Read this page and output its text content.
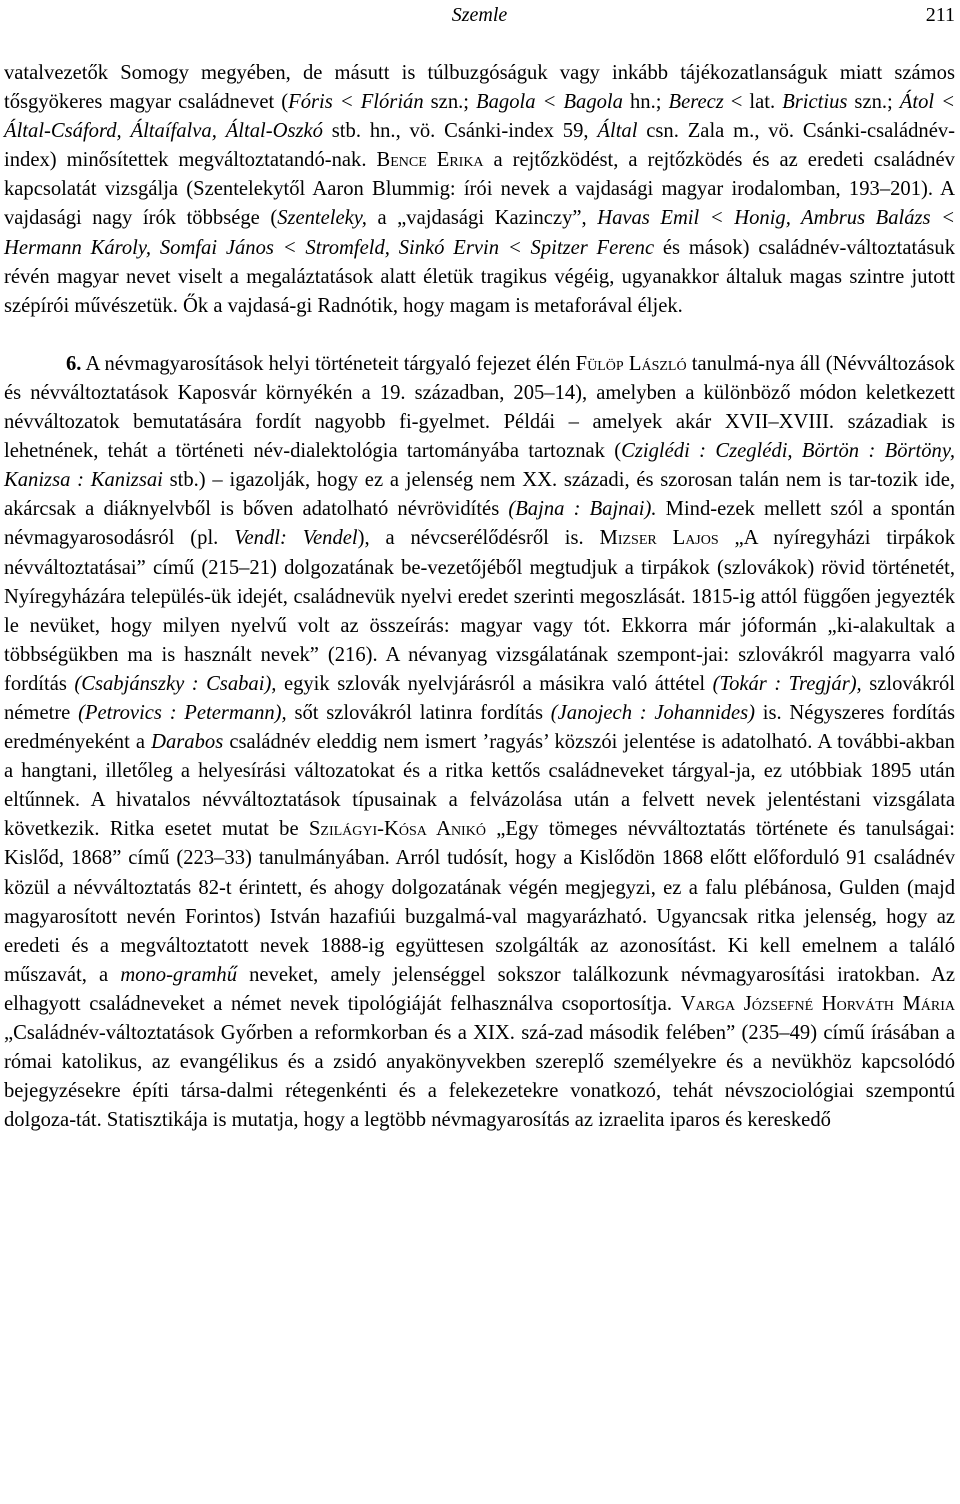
Szemle	211

vatalvezetők Somogy megyében, de másutt is túlbuzgóságuk vagy inkább tájékozatlanságuk miatt számos tősgyökeres magyar családnevet (Fóris < Flórián szn.; Bagola < Bagola hn.; Berecz < lat. Brictius szn.; Átol < Által-Csáford, Áltaífalva, Által-Oszkó stb. hn., vö. Csánki-index 59, Által csn. Zala m., vö. Csánki-családnév-index) minősítettek megváltoztatandó-nak. Bence Erika a rejtőzködést, a rejtőzködés és az eredeti családnév kapcsolatát vizsgálja (Szentelekytől Aaron Blummig: írói nevek a vajdasági magyar irodalomban, 193–201). A vajdasági nagy írók többsége (Szenteleky, a „vajdasági Kazinczy”, Havas Emil < Honig, Ambrus Balázs < Hermann Károly, Somfai János < Stromfeld, Sinkó Ervin < Spitzer Ferenc és mások) családnév-változtatásuk révén magyar nevet viselt a megaláztatások alatt életük tragikus végéig, ugyanakkor általuk magas szintre jutott szépírói művészetük. Ők a vajdasá-gi Radnótik, hogy magam is metaforával éljek.

6. A névmagyarosítások helyi történeteit tárgyaló fejezet élén Fülöp László tanulmá-nya áll (Névváltozások és névváltoztatások Kaposvár környékén a 19. században, 205–14), amelyben a különböző módon keletkezett névváltozatok bemutatására fordít nagyobb fi-gyelmet. Példái – amelyek akár XVII–XVIII. századiak is lehetnének, tehát a történeti név-dialektológia tartományába tartoznak (Cziglédi : Czeglédi, Börtön : Börtöny, Kanizsa : Kanizsai stb.) – igazolják, hogy ez a jelenség nem XX. századi, és szorosan talán nem is tar-tozik ide, akárcsak a diáknyelvből is bőven adatolható névrövidítés (Bajna : Bajnai). Mind-ezek mellett szól a spontán névmagyarosodásról (pl. Vendl: Vendel), a névcserélődésről is. Mizser Lajos „A nyíregyházi tirpákok névváltoztatásai” című (215–21) dolgozatának be-vezetőjéből megtudjuk a tirpákok (szlovákok) rövid történetét, Nyíregyházára település-ük idejét, családnevük nyelvi eredet szerinti megoszlását. 1815-ig attól függően jegyezték le nevüket, hogy milyen nyelvű volt az összeírás: magyar vagy tót. Ekkorra már jóformán „ki-alakultak a többségükben ma is használt nevek” (216). A névanyag vizsgálatának szempont-jai: szlovákról magyarra való fordítás (Csabjánszky : Csabai), egyik szlovák nyelvjárásról a másikra való áttétel (Tokár : Tregjár), szlovákról németre (Petrovics : Petermann), sőt szlovákról latinra fordítás (Janojech : Johannides) is. Négyszeres fordítás eredményeként a Darabos családnév eleddig nem ismert ’ragyás’ közszói jelentése is adatolható. A további-akban a hangtani, illetőleg a helyesírási változatokat és a ritka kettős családneveket tárgyal-ja, ez utóbbiak 1895 után eltűnnek. A hivatalos névváltoztatások típusainak a felvázolása után a felvett nevek jelentéstani vizsgálata következik. Ritka esetet mutat be Szilágyi-Kósa Anikó „Egy tömeges névváltoztatás története és tanulságai: Kislőd, 1868” című (223–33) tanulmányában. Arról tudósít, hogy a Kislődön 1868 előtt előforduló 91 családnév közül a névváltoztatás 82-t érintett, és ahogy dolgozatának végén megjegyzi, ez a falu plébánosa, Gulden (majd magyarosított nevén Forintos) István hazafiúi buzgalmá-val magyarázható. Ugyancsak ritka jelenség, hogy az eredeti és a megváltoztatott nevek 1888-ig együttesen szolgálták az azonosítást. Ki kell emelnem a találó műszavát, a mono-gramhű neveket, amely jelenséggel sokszor találkozunk névmagyarosítási iratokban. Az elhagyott családneveket a német nevek tipológiáját felhasználva csoportosítja. Varga Józsefné Horváth Mária „Családnév-változtatások Győrben a reformkorban és a XIX. szá-zad második felében” (235–49) című írásában a római katolikus, az evangélikus és a zsidó anyakönyvekben szereplő személyekre és a nevükhöz kapcsolódó bejegyzésekre építi társa-dalmi rétegenkénti és a felekezetekre vonatkozó, tehát névszociológiai szempontú dolgoza-tát. Statisztikája is mutatja, hogy a legtöbb névmagyarosítás az izraelita iparos és kereskedő
